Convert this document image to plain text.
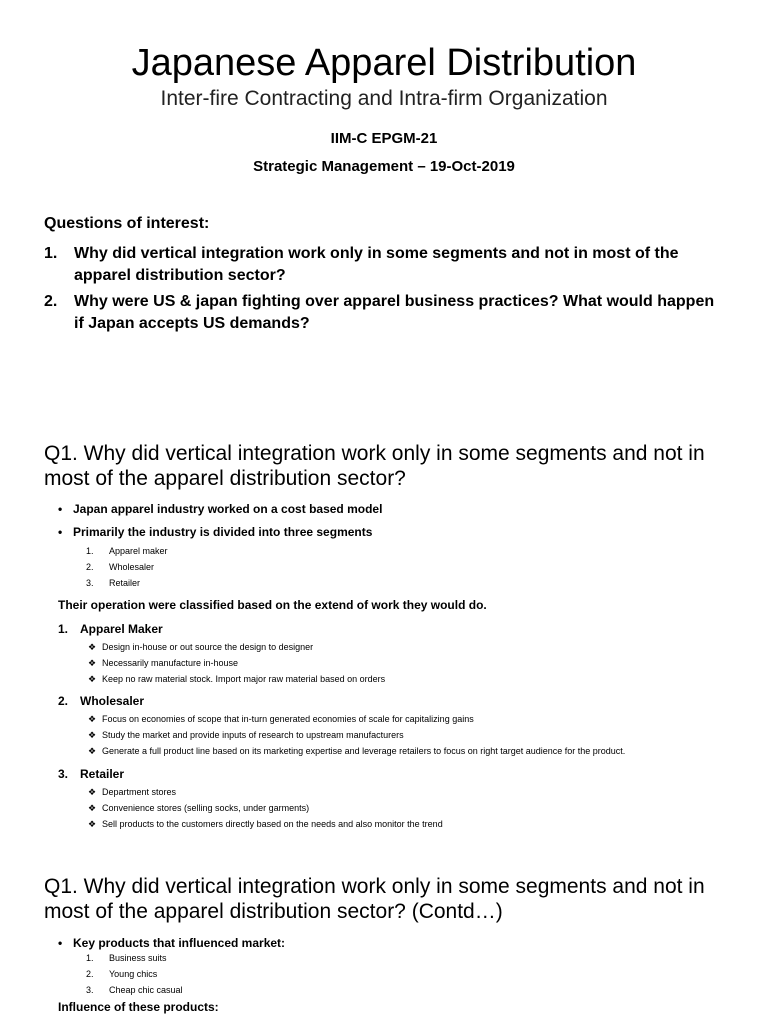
Japanese Apparel Distribution
Inter-fire Contracting and Intra-firm Organization
IIM-C EPGM-21
Strategic Management – 19-Oct-2019
Questions of interest:
1.	Why did vertical integration work only in some segments and not in most of the apparel distribution sector?
2.	Why were US & japan fighting over apparel business practices? What would happen if Japan accepts US demands?
Q1. Why did vertical integration work only in some segments and not in most of the apparel distribution sector?
• Japan apparel industry worked on a cost based model
• Primarily the industry is divided into three segments
1. Apparel maker
2. Wholesaler
3. Retailer
Their operation were classified based on the extend of work they would do.
1. Apparel Maker
❖ Design in-house or out source the design to designer
❖ Necessarily manufacture in-house
❖ Keep no raw material stock. Import major raw material based on orders
2. Wholesaler
❖ Focus on economies of scope that in-turn generated economies of scale for capitalizing gains
❖ Study the market and provide inputs of research to upstream manufacturers
❖ Generate a full product line based on its marketing expertise and leverage retailers to focus on right target audience for the product.
3. Retailer
❖ Department stores
❖ Convenience stores (selling socks, under garments)
❖ Sell products to the customers directly based on the needs and also monitor the trend
Q1. Why did vertical integration work only in some segments and not in most of the apparel distribution sector? (Contd…)
• Key products that influenced market:
1. Business suits
2. Young chics
3. Cheap chic casual
Influence of these products:
